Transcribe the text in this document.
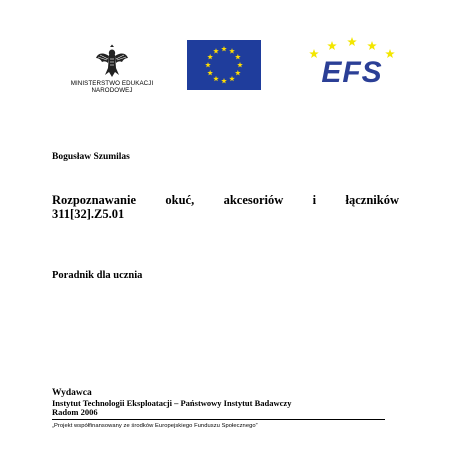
MINISTERSTWO EDUKACJI
NARODOWEJ
EFS
Bogusław Szumilas
Rozpoznawanie okuć, akcesoriów i łączników
311[32].Z5.01
Poradnik dla ucznia
Wydawca
Instytut Technologii Eksploatacji – Państwowy Instytut Badawczy
Radom 2006
„Projekt współfinansowany ze środków Europejskiego Funduszu Społecznego”
